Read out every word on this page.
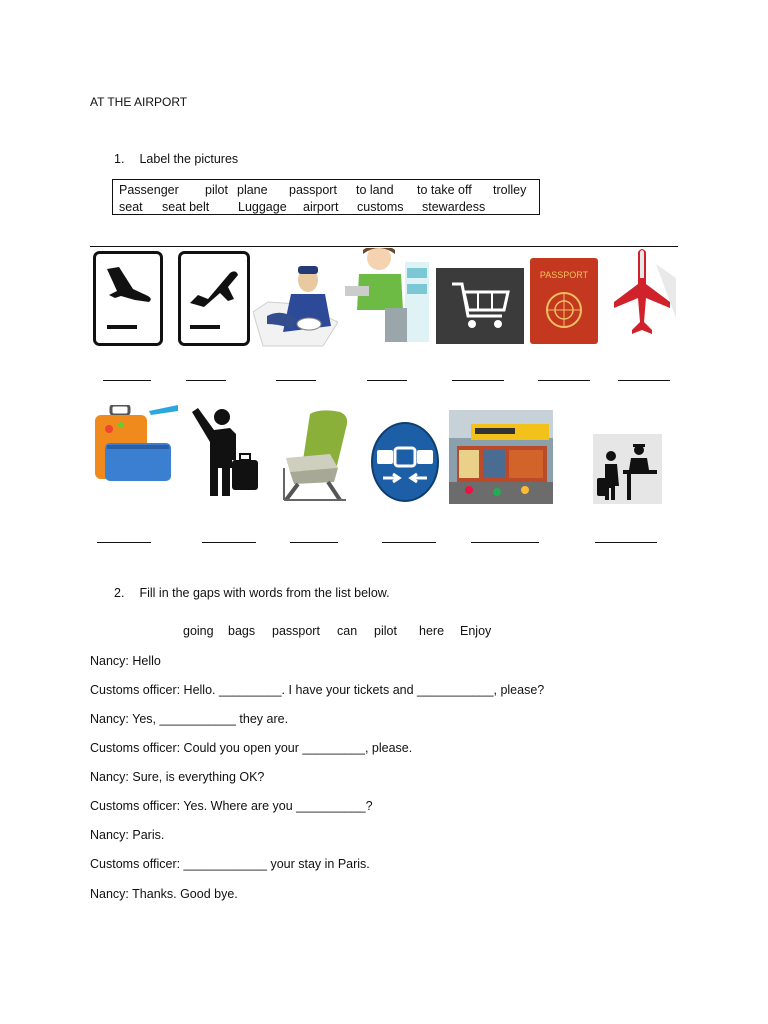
AT THE AIRPORT
1. Label the pictures
Passenger pilot plane passport to land to take off trolley
seat seat belt Luggage airport customs stewardess
PASSPORT
2. Fill in the gaps with words from the list below.
going bags passport can pilot here Enjoy
Nancy: Hello
Customs officer: Hello. _________. I have your tickets and ___________, please?
Nancy: Yes, ___________ they are.
Customs officer: Could you open your _________, please.
Nancy: Sure, is everything OK?
Customs officer: Yes. Where are you __________?
Nancy: Paris.
Customs officer: ____________ your stay in Paris.
Nancy: Thanks. Good bye.
